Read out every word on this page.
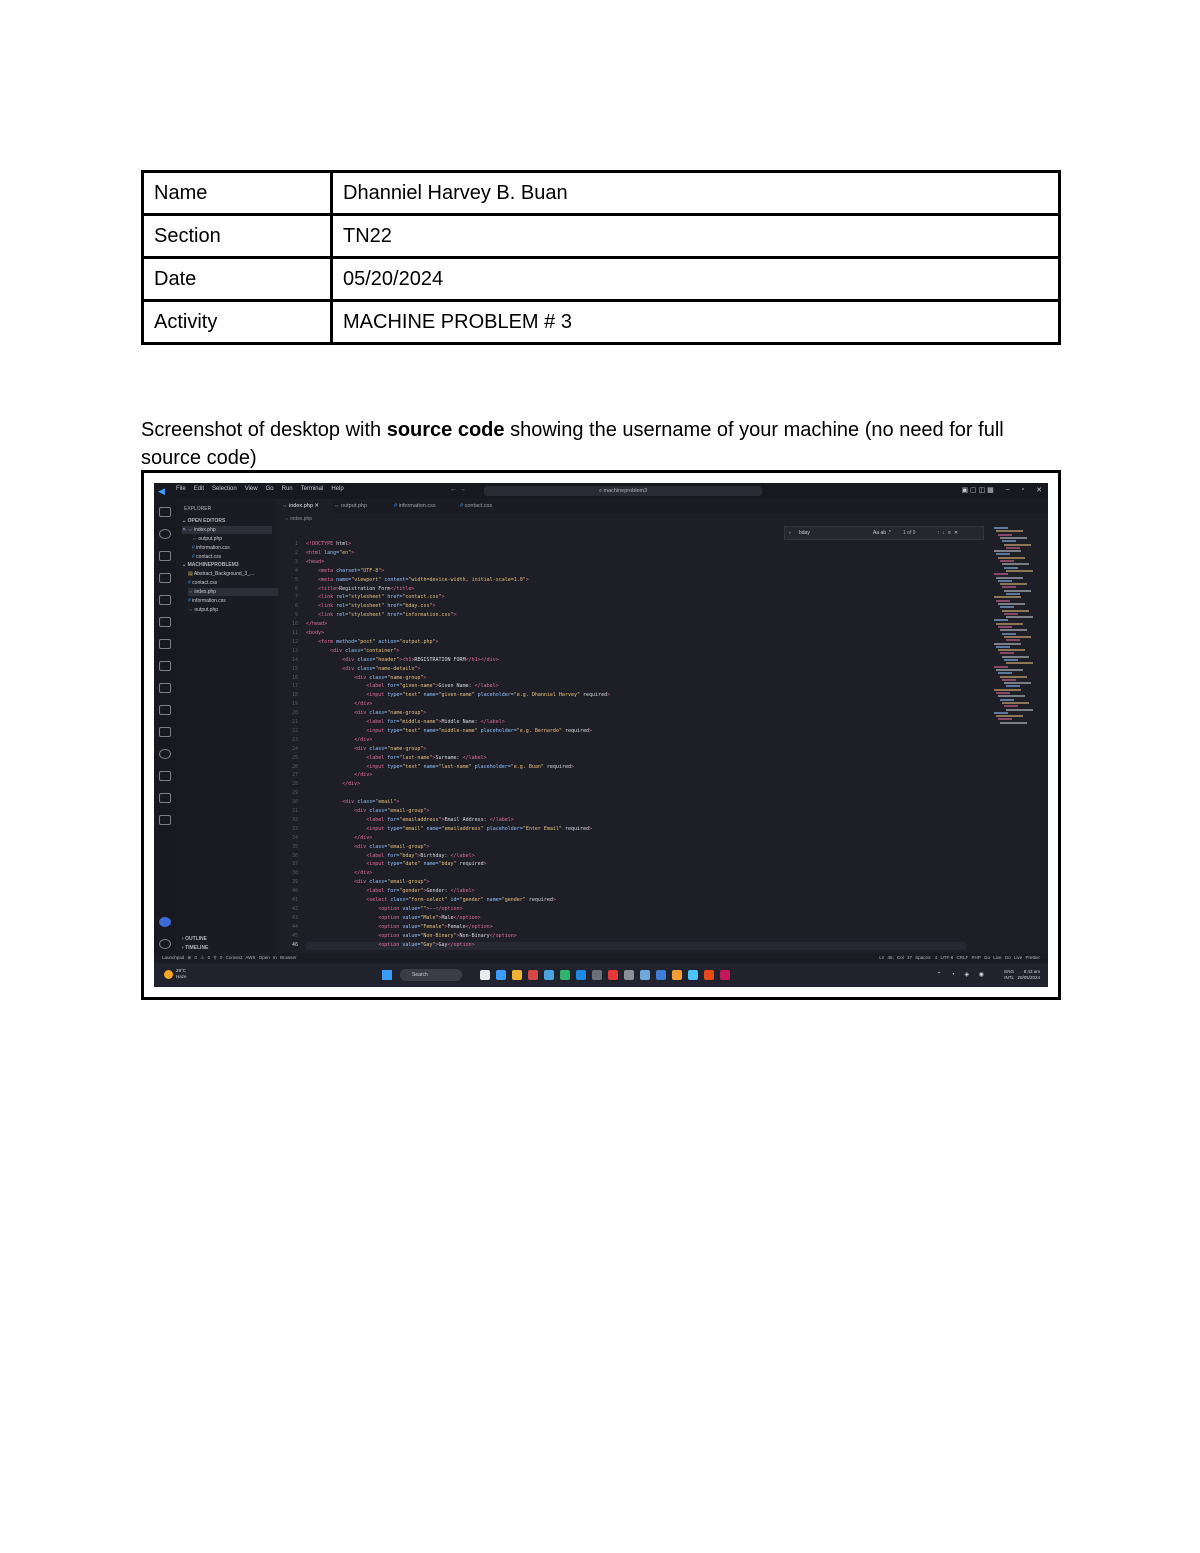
Name	Dhanniel Harvey B. Buan
Section	TN22
Date	05/20/2024
Activity	MACHINE PROBLEM # 3
Screenshot of desktop with source code showing the username of your machine (no need for full source code)
◀	File Edit Selection View Go Run Terminal Help	← →	⌕ machineproblem3	▣ ▢ ◫ ▦ – ▫ ✕
EXPLORER
⌄ OPEN EDITORS
✕ ⇔ index.php
⇔ output.php
# information.css
# contact.css
⌄ MACHINEPROBLEM3
▤ Abstract_Background_3_...
# contact.css
⇔ index.php
# information.css
⇔ output.php
› OUTLINE
› TIMELINE
⇔ index.php ✕	⇔ output.php	# information.css	# contact.css
⇔ index.php
› bday	Aa ab .* 1 of 9	↑↓≡✕
1 <!DOCTYPE html>
2 <html lang="en">
3 <head>
4	<meta charset="UTF-8">
5	<meta name="viewport" content="width=device-width, initial-scale=1.0">
6	<title>Registration Form</title>
7	<link rel="stylesheet" href="contact.css">
8	<link rel="stylesheet" href="bday.css">
9	<link rel="stylesheet" href="information.css">
10 </head>
11 <body>
12	<form method="post" action="output.php">
13	<div class="container">
14	<div class="header"><h1>REGISTRATION FORM</h1></div>
15	<div class="name-details">
16	<div class="name-group">
17	<label for="given-name">Given Name: </label>
18	<input type="text" name="given-name" placeholder="e.g. Dhanniel Harvey" required>
19	</div>
20	<div class="name-group">
21	<label for="middle-name">Middle Name: </label>
22	<input type="text" name="middle-name" placeholder="e.g. Bernardo" required>
23	</div>
24	<div class="name-group">
25	<label for="last-name">Surname: </label>
26	<input type="text" name="last-name" placeholder="e.g. Buan" required>
27	</div>
28	</div>
29
30	<div class="email">
31	<div class="email-group">
32	<label for="emailaddress">Email Address: </label>
33	<input type="email" name="emailaddress" placeholder="Enter Email" required>
34	</div>
35	<div class="email-group">
36	<label for="bday">Birthday: </label>
37	<input type="date" name="bday" required>
38	</div>
39	<div class="email-group">
40	<label for="gender">Gender: </label>
41	<select class="form-select" id="gender" name="gender" required>
42	<option value="">--</option>
43	<option value="Male">Male</option>
44	<option value="Female">Female</option>
45	<option value="Non-Binary">Non-Binary</option>
46	<option value="Gay">Gay</option>
Launchpad ⊗ 0 ⚠ 0 ⚲ 0 Connect AWS Open In Browser	Ln 46, Col 37 Spaces: 4 UTF-8 CRLF PHP Go Live Go Live Prettier
29°C
Haze	Search	⌃ ◔ ◈ ◉
ENG
INTL
8:43 am
20/05/2024
